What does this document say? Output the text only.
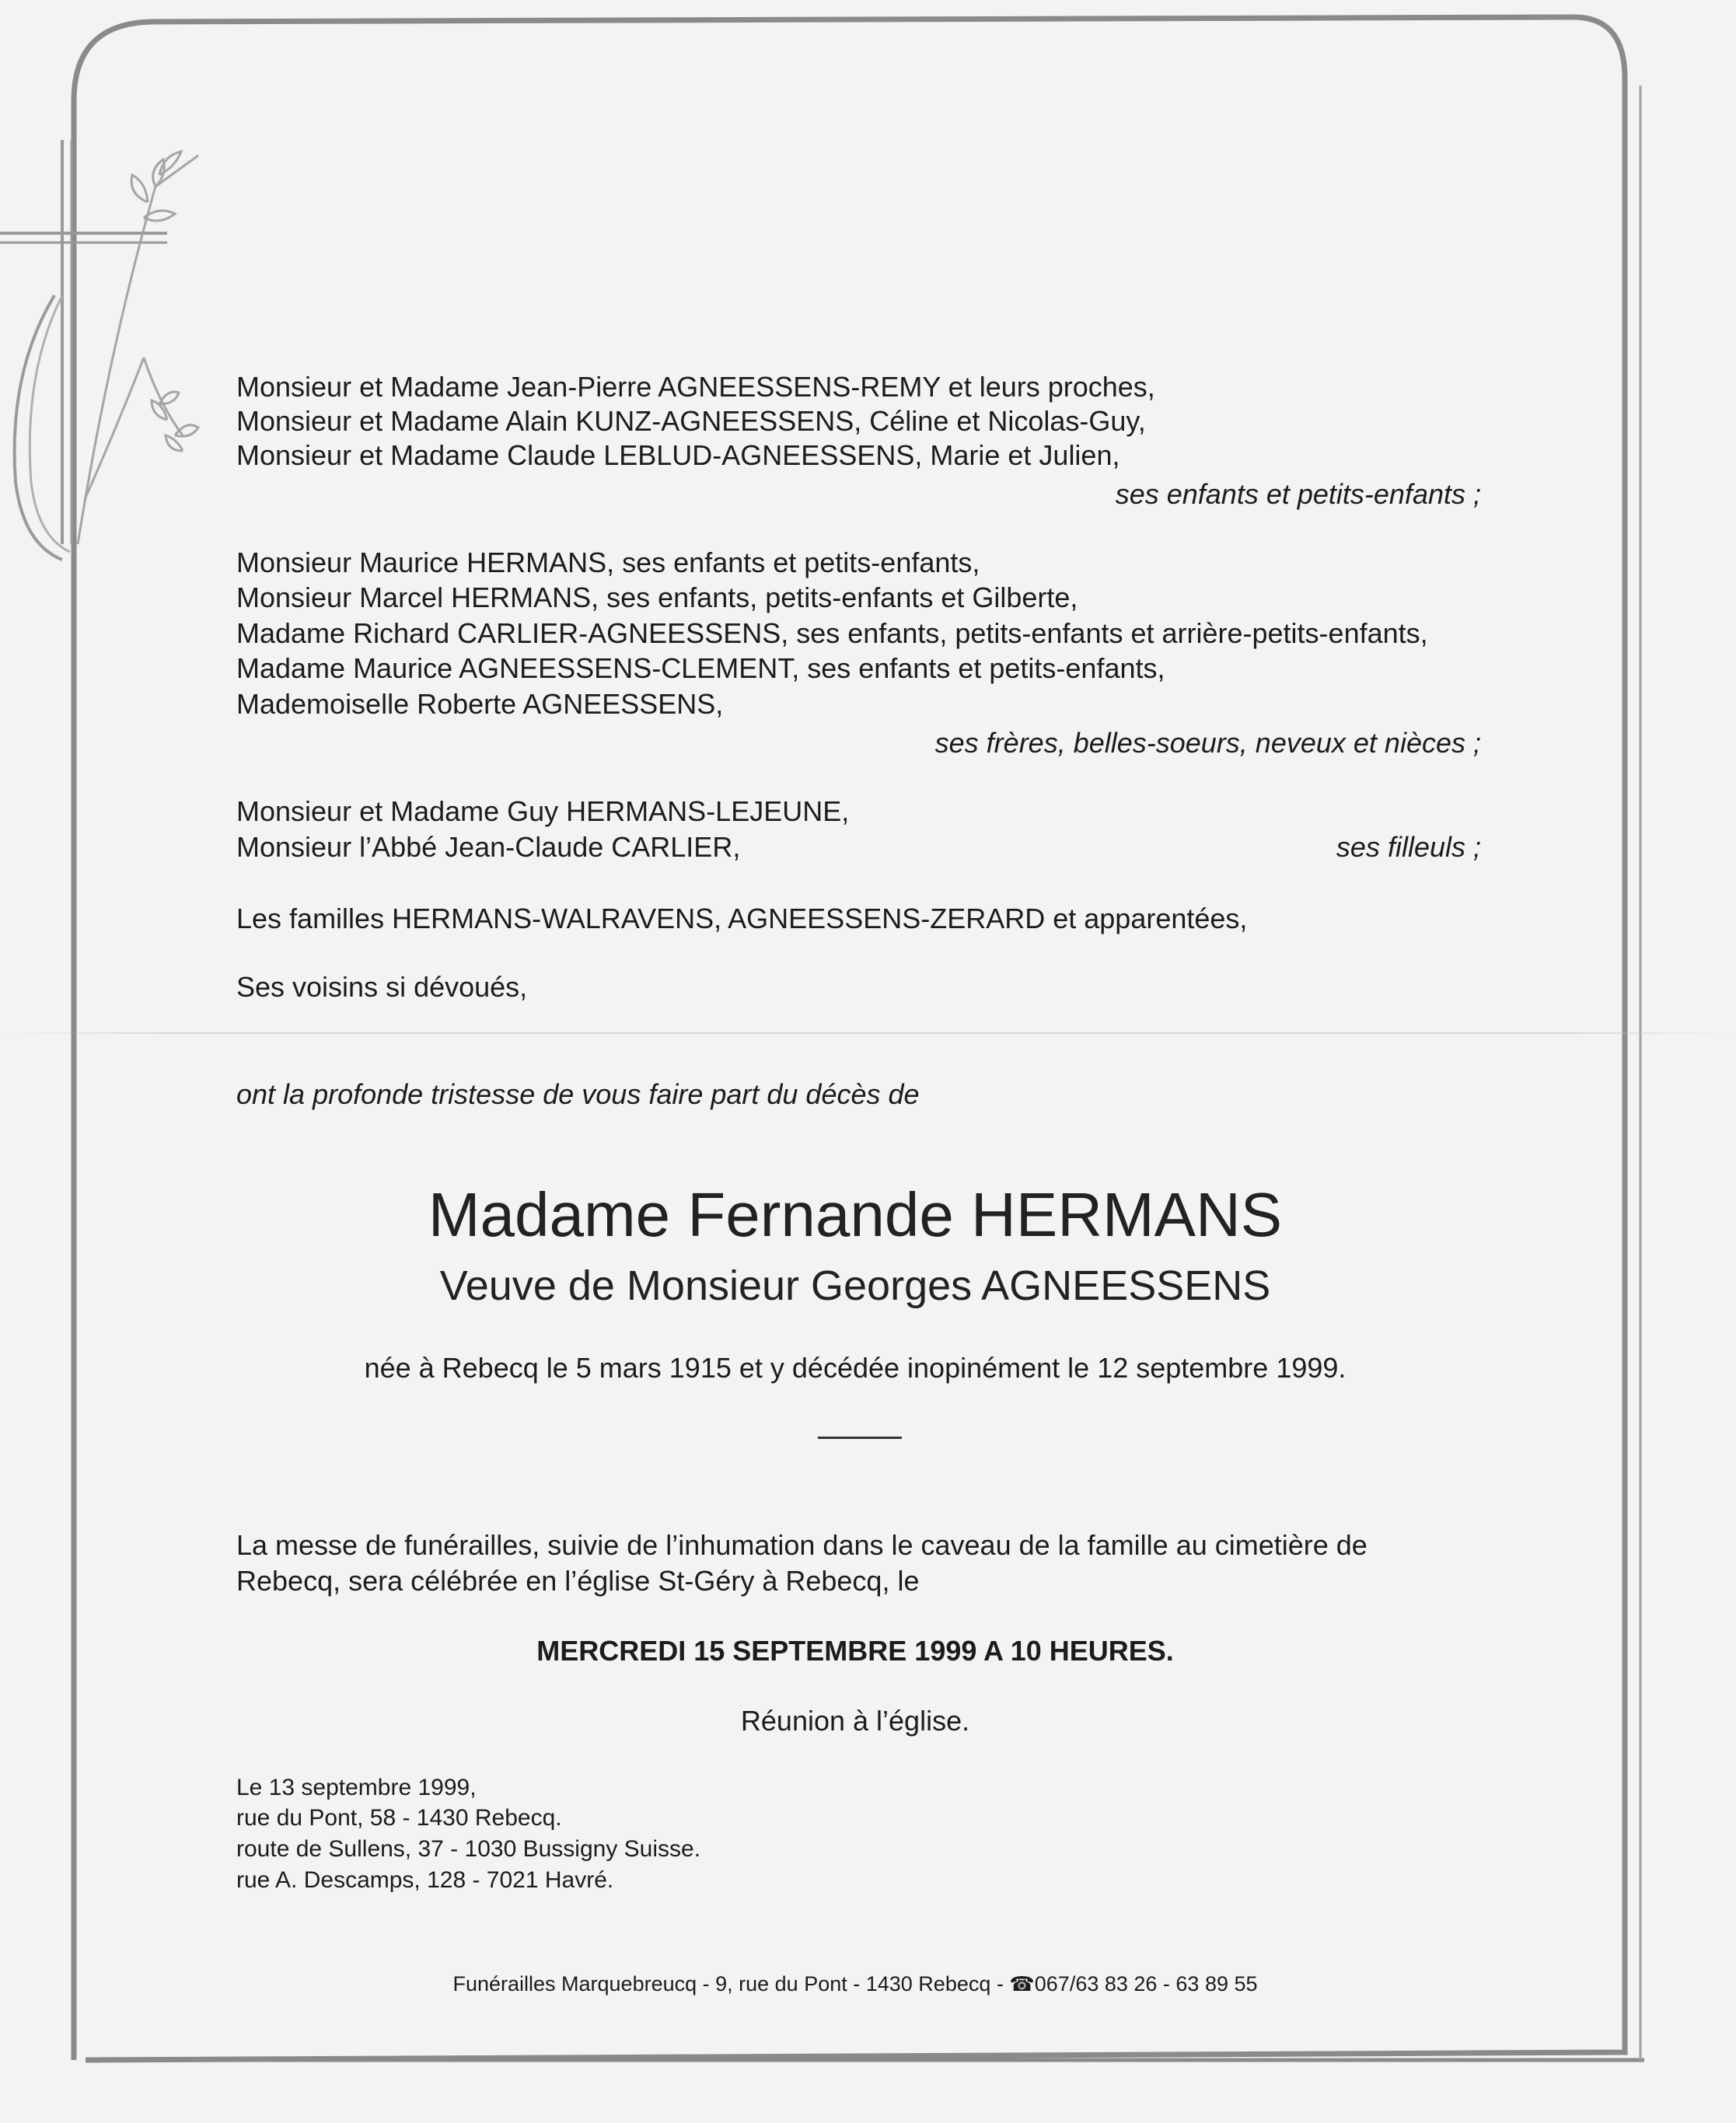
Monsieur et Madame Jean-Pierre AGNEESSENS-REMY et leurs proches,
Monsieur et Madame Alain KUNZ-AGNEESSENS, Céline et Nicolas-Guy,
Monsieur et Madame Claude LEBLUD-AGNEESSENS, Marie et Julien,
ses enfants et petits-enfants ;
Monsieur Maurice HERMANS, ses enfants et petits-enfants,
Monsieur Marcel HERMANS, ses enfants, petits-enfants et Gilberte,
Madame Richard CARLIER-AGNEESSENS, ses enfants, petits-enfants et arrière-petits-enfants,
Madame Maurice AGNEESSENS-CLEMENT, ses enfants et petits-enfants,
Mademoiselle Roberte AGNEESSENS,
ses frères, belles-soeurs, neveux et nièces ;
Monsieur et Madame Guy HERMANS-LEJEUNE,
Monsieur l’Abbé Jean-Claude CARLIER,	ses filleuls ;
Les familles HERMANS-WALRAVENS, AGNEESSENS-ZERARD et apparentées,
Ses voisins si dévoués,
ont la profonde tristesse de vous faire part du décès de
Madame Fernande HERMANS
Veuve de Monsieur Georges AGNEESSENS
née à Rebecq le 5 mars 1915 et y décédée inopinément le 12 septembre 1999.
La messe de funérailles, suivie de l’inhumation dans le caveau de la famille au cimetière de
Rebecq, sera célébrée en l’église St-Géry à Rebecq, le
MERCREDI 15 SEPTEMBRE 1999 A 10 HEURES.
Réunion à l’église.
Le 13 septembre 1999,
rue du Pont, 58 - 1430 Rebecq.
route de Sullens, 37 - 1030 Bussigny Suisse.
rue A. Descamps, 128 - 7021 Havré.
Funérailles Marquebreucq - 9, rue du Pont - 1430 Rebecq - ☎067/63 83 26 - 63 89 55
